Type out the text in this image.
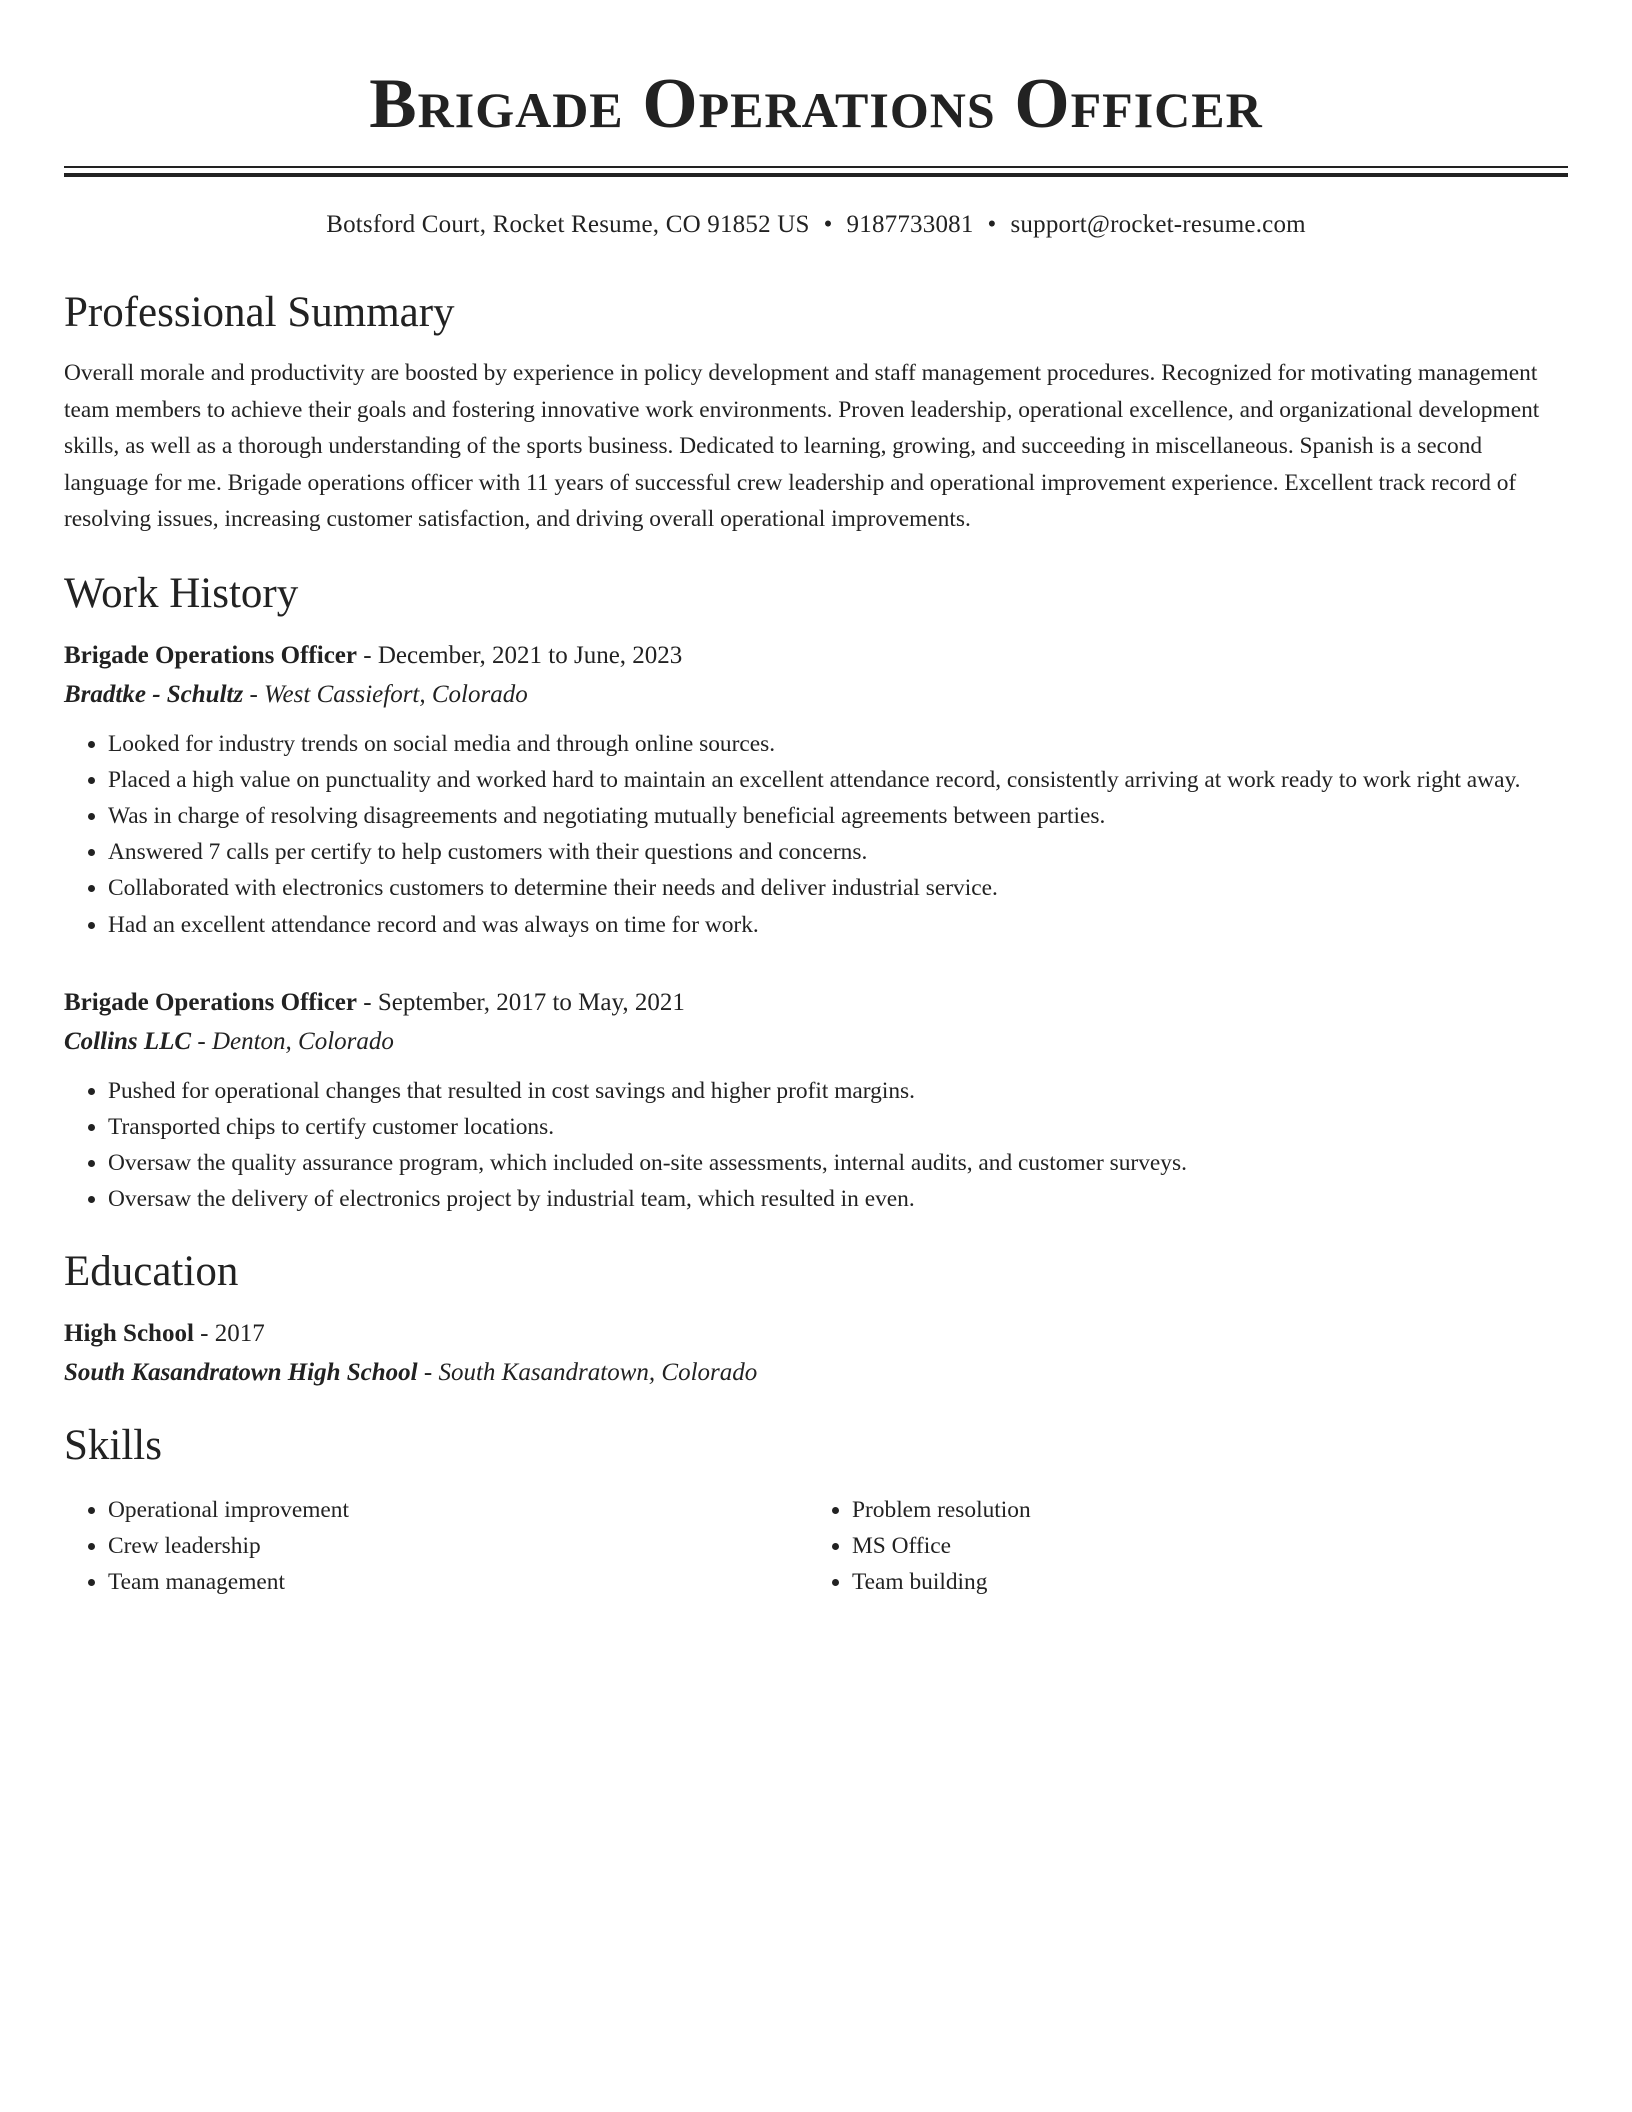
Brigade Operations Officer
Botsford Court, Rocket Resume, CO 91852 US • 9187733081 • support@rocket-resume.com
Professional Summary

Overall morale and productivity are boosted by experience in policy development and staff management procedures. Recognized for motivating management team members to achieve their goals and fostering innovative work environments. Proven leadership, operational excellence, and organizational development skills, as well as a thorough understanding of the sports business. Dedicated to learning, growing, and succeeding in miscellaneous. Spanish is a second language for me. Brigade operations officer with 11 years of successful crew leadership and operational improvement experience. Excellent track record of resolving issues, increasing customer satisfaction, and driving overall operational improvements.

Work History
Brigade Operations Officer - December, 2021 to June, 2023
Bradtke - Schultz - West Cassiefort, Colorado
• Looked for industry trends on social media and through online sources.
• Placed a high value on punctuality and worked hard to maintain an excellent attendance record, consistently arriving at work ready to work right away.
• Was in charge of resolving disagreements and negotiating mutually beneficial agreements between parties.
• Answered 7 calls per certify to help customers with their questions and concerns.
• Collaborated with electronics customers to determine their needs and deliver industrial service.
• Had an excellent attendance record and was always on time for work.
Brigade Operations Officer - September, 2017 to May, 2021
Collins LLC - Denton, Colorado
• Pushed for operational changes that resulted in cost savings and higher profit margins.
• Transported chips to certify customer locations.
• Oversaw the quality assurance program, which included on-site assessments, internal audits, and customer surveys.
• Oversaw the delivery of electronics project by industrial team, which resulted in even.
Education
High School - 2017
South Kasandratown High School - South Kasandratown, Colorado
Skills
• Operational improvement
• Crew leadership
• Team management
• Problem resolution
• MS Office
• Team building
